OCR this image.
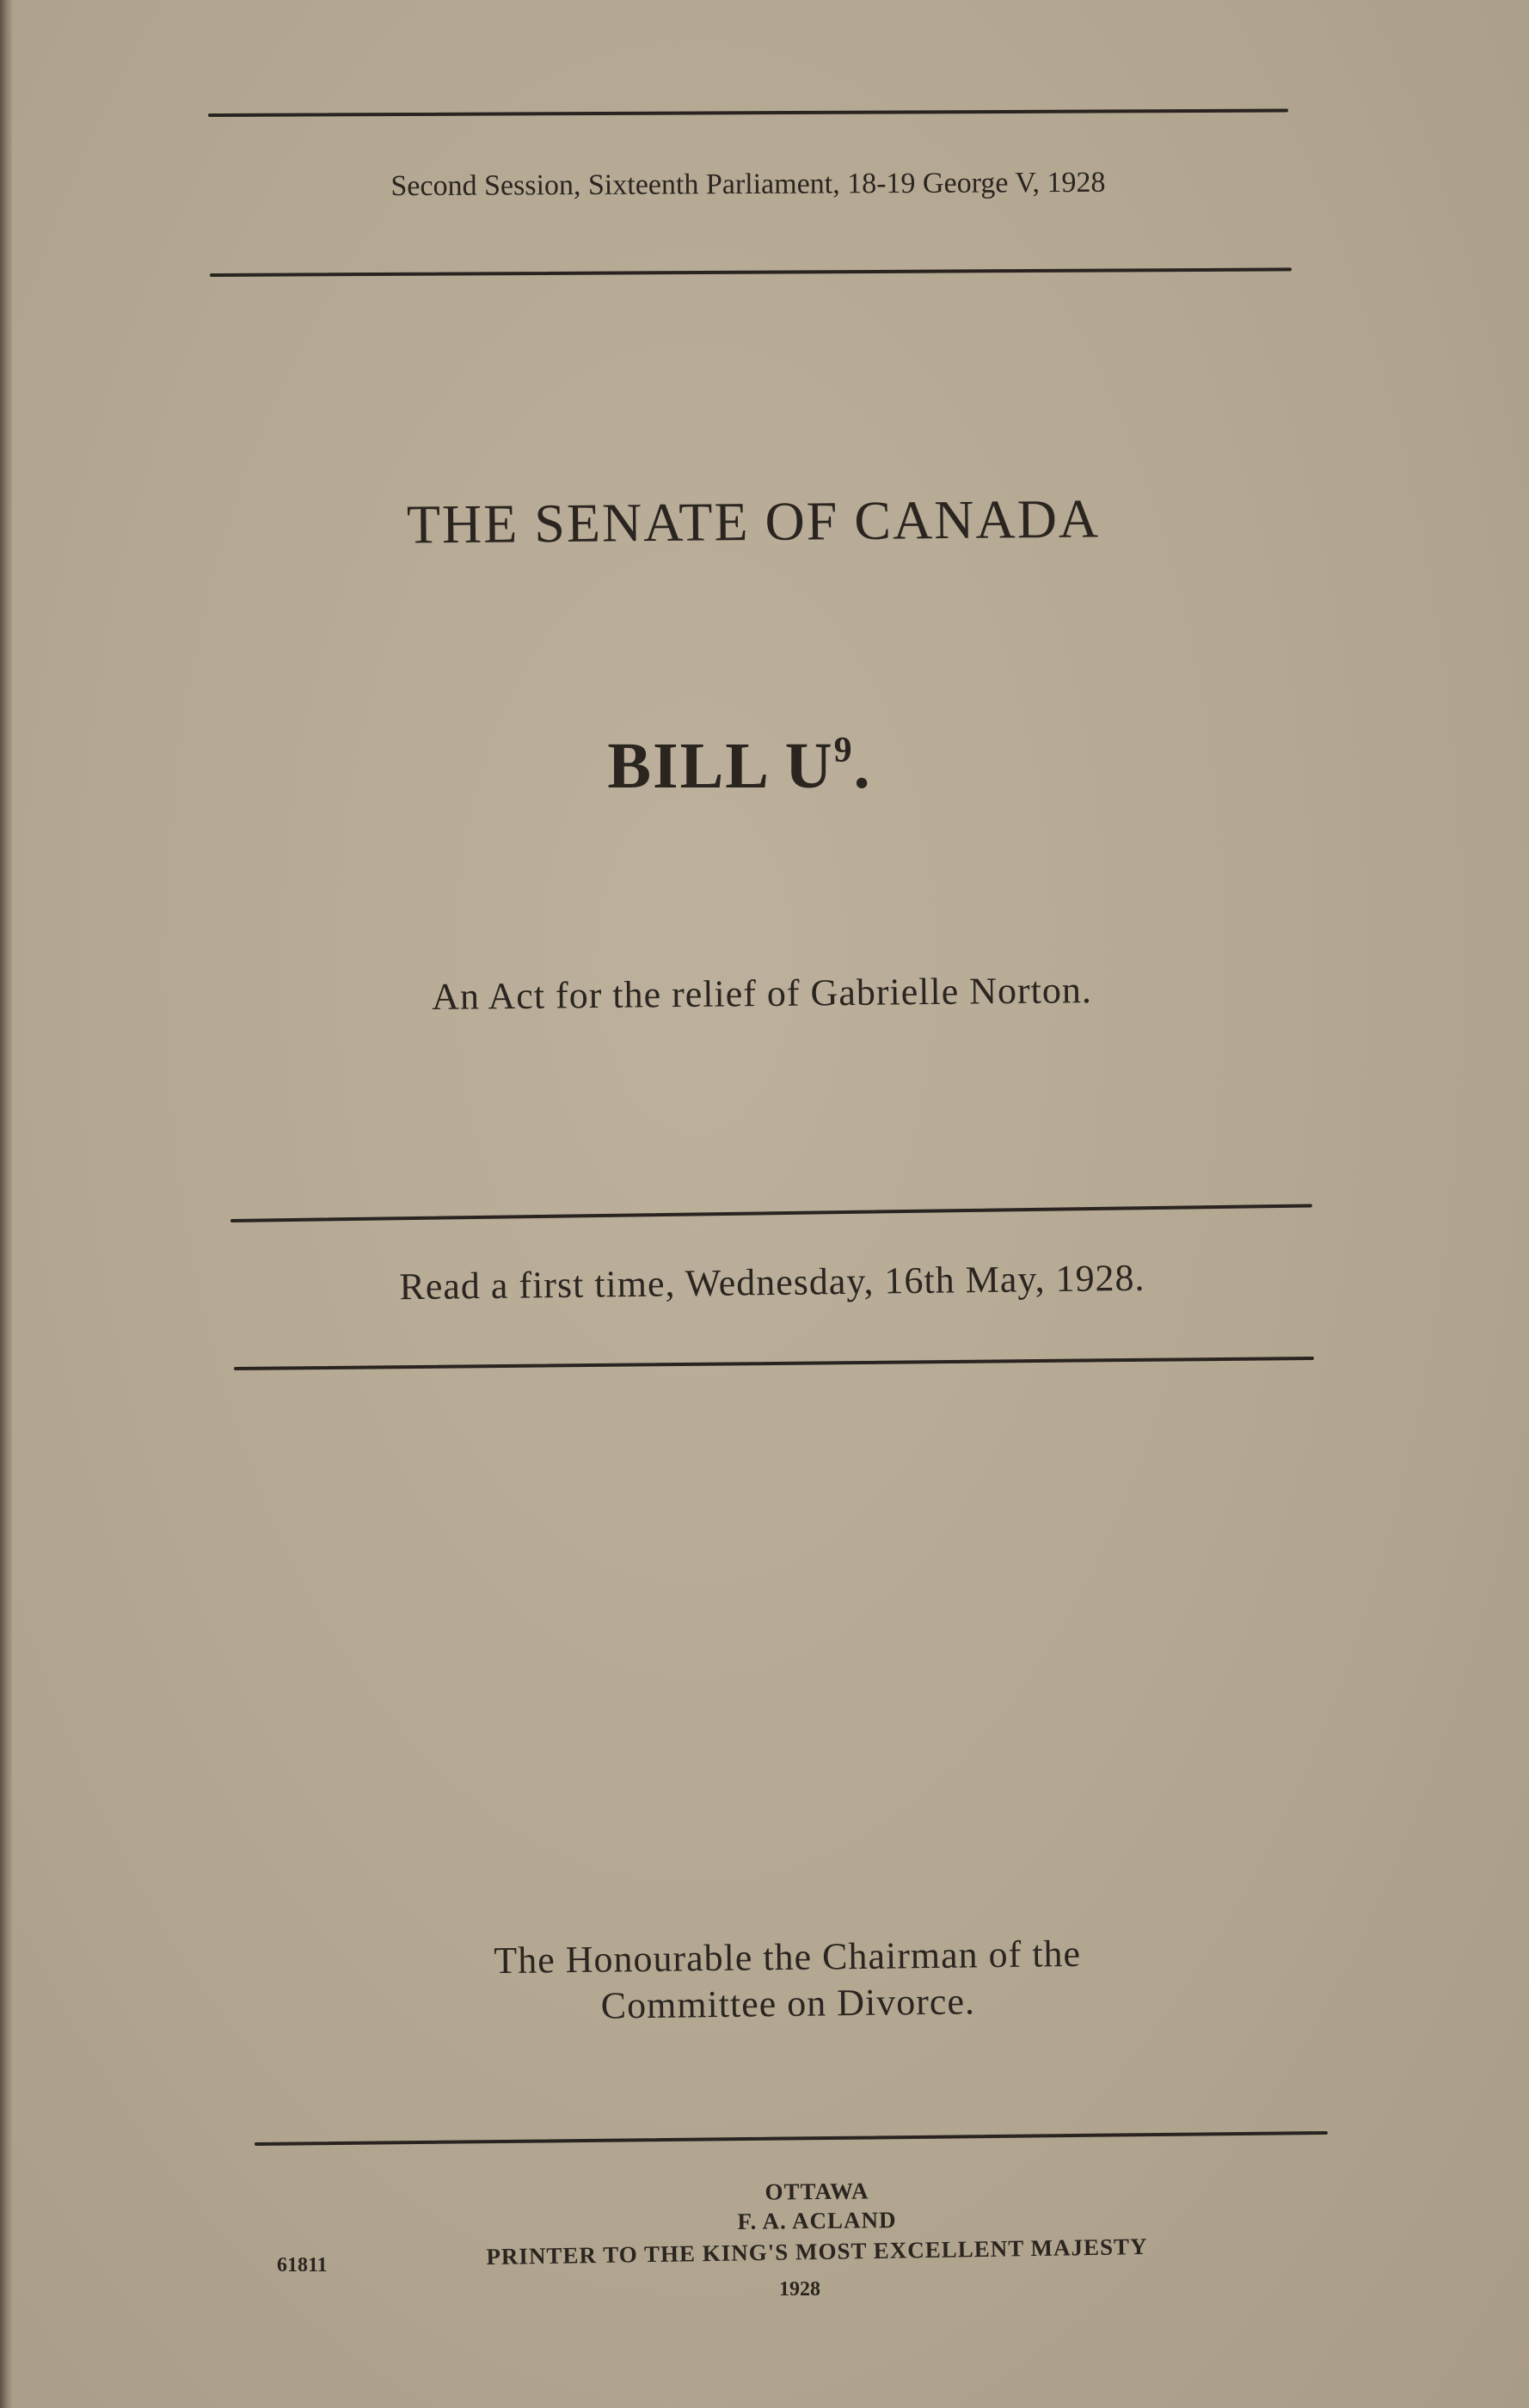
Second Session, Sixteenth Parliament, 18-19 George V, 1928
THE SENATE OF CANADA
BILL $U^9$.
An Act for the relief of Gabrielle Norton.
Read a first time, Wednesday, 16th May, 1928.
The Honourable the Chairman of the
Committee on Divorce.
OTTAWA
F. A. ACLAND
PRINTER TO THE KING'S MOST EXCELLENT MAJESTY
1928
61811
